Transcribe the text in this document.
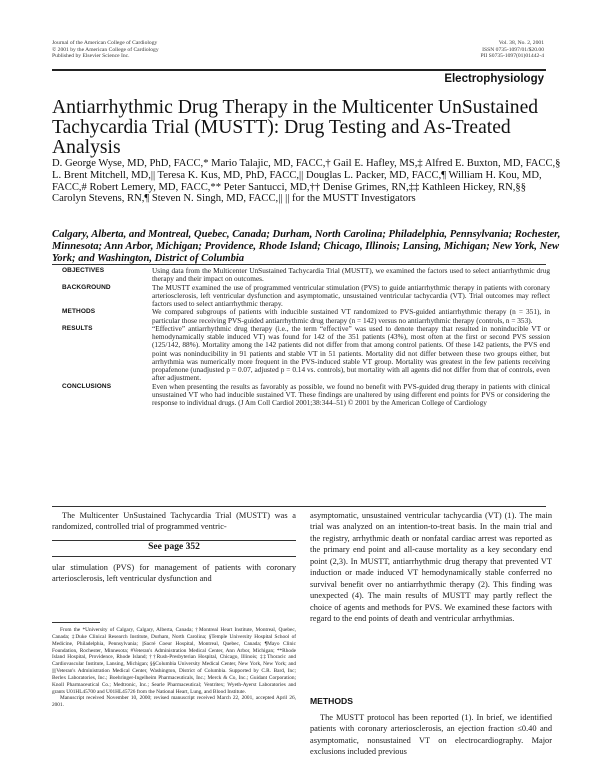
Journal of the American College of Cardiology
© 2001 by the American College of Cardiology
Published by Elsevier Science Inc.
Vol. 38, No. 2, 2001
ISSN 0735-1097/01/$20.00
PII S0735-1097(01)01442-4
Electrophysiology
Antiarrhythmic Drug Therapy in the Multicenter UnSustained Tachycardia Trial (MUSTT): Drug Testing and As-Treated Analysis
D. George Wyse, MD, PhD, FACC,* Mario Talajic, MD, FACC,† Gail E. Hafley, MS,‡ Alfred E. Buxton, MD, FACC,§ L. Brent Mitchell, MD,|| Teresa K. Kus, MD, PhD, FACC,|| Douglas L. Packer, MD, FACC,¶ William H. Kou, MD, FACC,# Robert Lemery, MD, FACC,** Peter Santucci, MD,†† Denise Grimes, RN,‡‡ Kathleen Hickey, RN,§§ Carolyn Stevens, RN,¶ Steven N. Singh, MD, FACC,|| || for the MUSTT Investigators
Calgary, Alberta, and Montreal, Quebec, Canada; Durham, North Carolina; Philadelphia, Pennsylvania; Rochester, Minnesota; Ann Arbor, Michigan; Providence, Rhode Island; Chicago, Illinois; Lansing, Michigan; New York, New York; and Washington, District of Columbia
OBJECTIVES	Using data from the Multicenter UnSustained Tachycardia Trial (MUSTT), we examined the factors used to select antiarrhythmic drug therapy and their impact on outcomes.
BACKGROUND	The MUSTT examined the use of programmed ventricular stimulation (PVS) to guide antiarrhythmic therapy in patients with coronary arteriosclerosis, left ventricular dysfunction and asymptomatic, unsustained ventricular tachycardia (VT). Trial outcomes may reflect factors used to select antiarrhythmic therapy.
METHODS	We compared subgroups of patients with inducible sustained VT randomized to PVS-guided antiarrhythmic therapy (n = 351), in particular those receiving PVS-guided antiarrhythmic drug therapy (n = 142) versus no antiarrhythmic therapy (controls, n = 353).
RESULTS	“Effective” antiarrhythmic drug therapy (i.e., the term “effective” was used to denote therapy that resulted in noninducible VT or hemodynamically stable induced VT) was found for 142 of the 351 patients (43%), most often at the first or second PVS session (125/142, 88%). Mortality among the 142 patients did not differ from that among control patients. Of these 142 patients, the PVS end point was noninducibility in 91 patients and stable VT in 51 patients. Mortality did not differ between these two groups either, but arrhythmia was numerically more frequent in the PVS-induced stable VT group. Mortality was greatest in the few patients receiving propafenone (unadjusted p = 0.07, adjusted p = 0.14 vs. controls), but mortality with all agents did not differ from that of controls, even after adjustment.
CONCLUSIONS	Even when presenting the results as favorably as possible, we found no benefit with PVS-guided drug therapy in patients with clinical unsustained VT who had inducible sustained VT. These findings are unaltered by using different end points for PVS or considering the response to individual drugs. (J Am Coll Cardiol 2001;38:344–51) © 2001 by the American College of Cardiology

The Multicenter UnSustained Tachycardia Trial (MUSTT) was a randomized, controlled trial of programmed ventric-

See page 352

ular stimulation (PVS) for management of patients with coronary arteriosclerosis, left ventricular dysfunction and

From the *University of Calgary, Calgary, Alberta, Canada; †Montreal Heart Institute, Montreal, Quebec, Canada; ‡Duke Clinical Research Institute, Durham, North Carolina; §Temple University Hospital School of Medicine, Philadelphia, Pennsylvania; ||Sacré Coeur Hospital, Montreal, Quebec, Canada; ¶Mayo Clinic Foundation, Rochester, Minnesota; #Veteran's Administration Medical Center, Ann Arbor, Michigan; **Rhode Island Hospital, Providence, Rhode Island; ††Rush-Presbyterian Hospital, Chicago, Illinois; ‡‡Thoracic and Cardiovascular Institute, Lansing, Michigan; §§Columbia University Medical Center, New York, New York; and ||||Veteran's Administration Medical Center, Washington, District of Columbia. Supported by C.R. Bard, Inc; Berlex Laboratories, Inc.; Boehringer-Ingelheim Pharmaceuticals, Inc.; Merck & Co, Inc.; Guidant Corporation; Knoll Pharmaceutical Co.; Medtronic, Inc.; Searle Pharmaceutical; Ventritex; Wyeth-Ayerst Laboratories and grants U01HL45700 and U01HL45726 from the National Heart, Lung, and Blood Institute.

Manuscript received November 10, 2000; revised manuscript received March 22, 2001, accepted April 26, 2001.

asymptomatic, unsustained ventricular tachycardia (VT) (1). The main trial was analyzed on an intention-to-treat basis. In the main trial and the registry, arrhythmic death or nonfatal cardiac arrest was reported as the primary end point and all-cause mortality as a key secondary end point (2,3). In MUSTT, antiarrhythmic drug therapy that prevented VT induction or made induced VT hemodynamically stable conferred no survival benefit over no antiarrhythmic therapy (2). This finding was unexpected (4). The main results of MUSTT may partly reflect the choice of agents and methods for PVS. We examined these factors with regard to the end points of death and ventricular arrhythmias.

METHODS

The MUSTT protocol has been reported (1). In brief, we identified patients with coronary arteriosclerosis, an ejection fraction ≤0.40 and asymptomatic, nonsustained VT on electrocardiography. Major exclusions included previous
